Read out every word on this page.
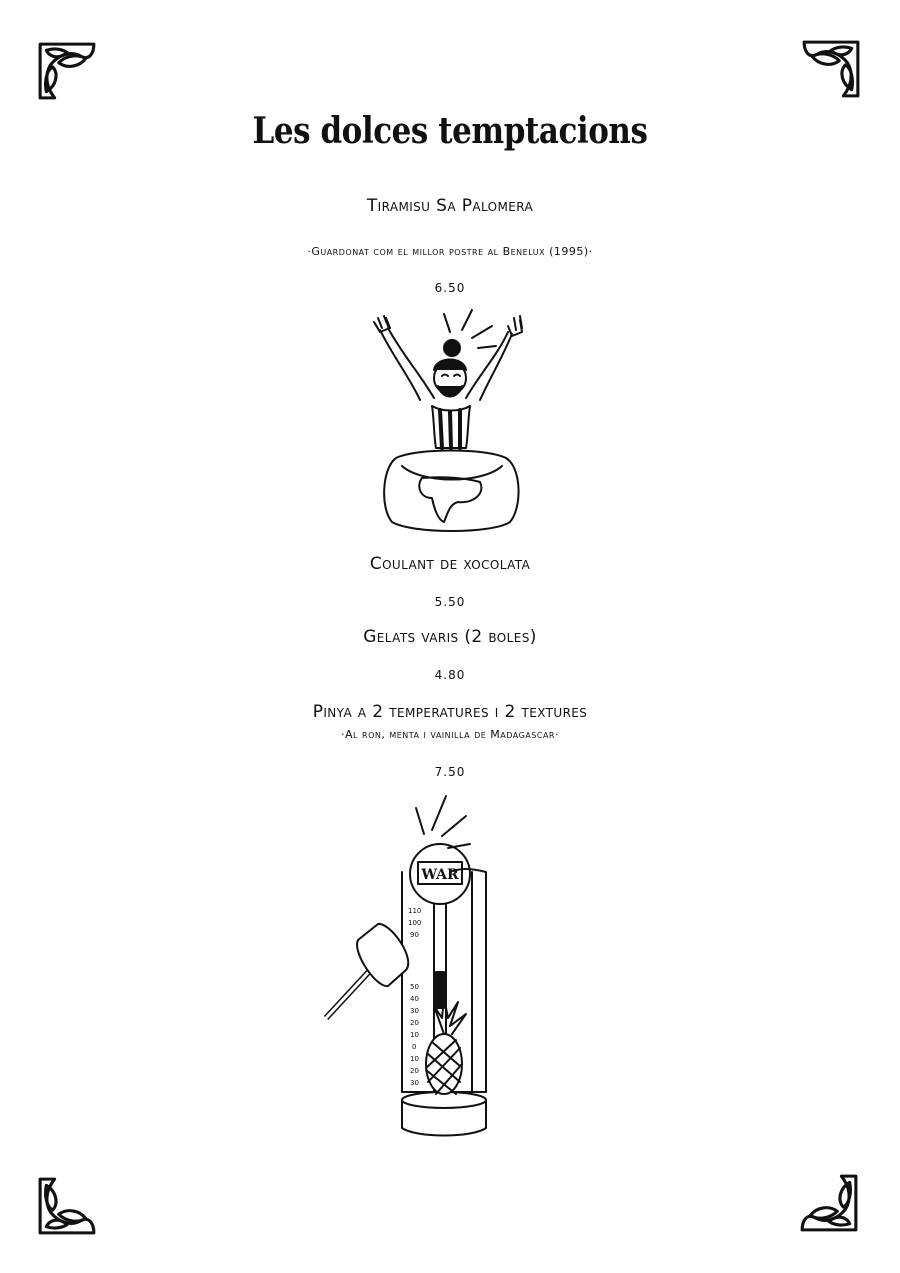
Les dolces temptacions
Tiramisu Sa Palomera
·Guardonat com el millor postre al Benelux (1995)·
6.50
Coulant de xocolata
5.50
Gelats varis (2 boles)
4.80
Pinya a 2 temperatures i 2 textures
·Al ron, menta i vainilla de Madagascar·
7.50
WAR
110
100
90
50
40
30
20
10
0
10
20
30
